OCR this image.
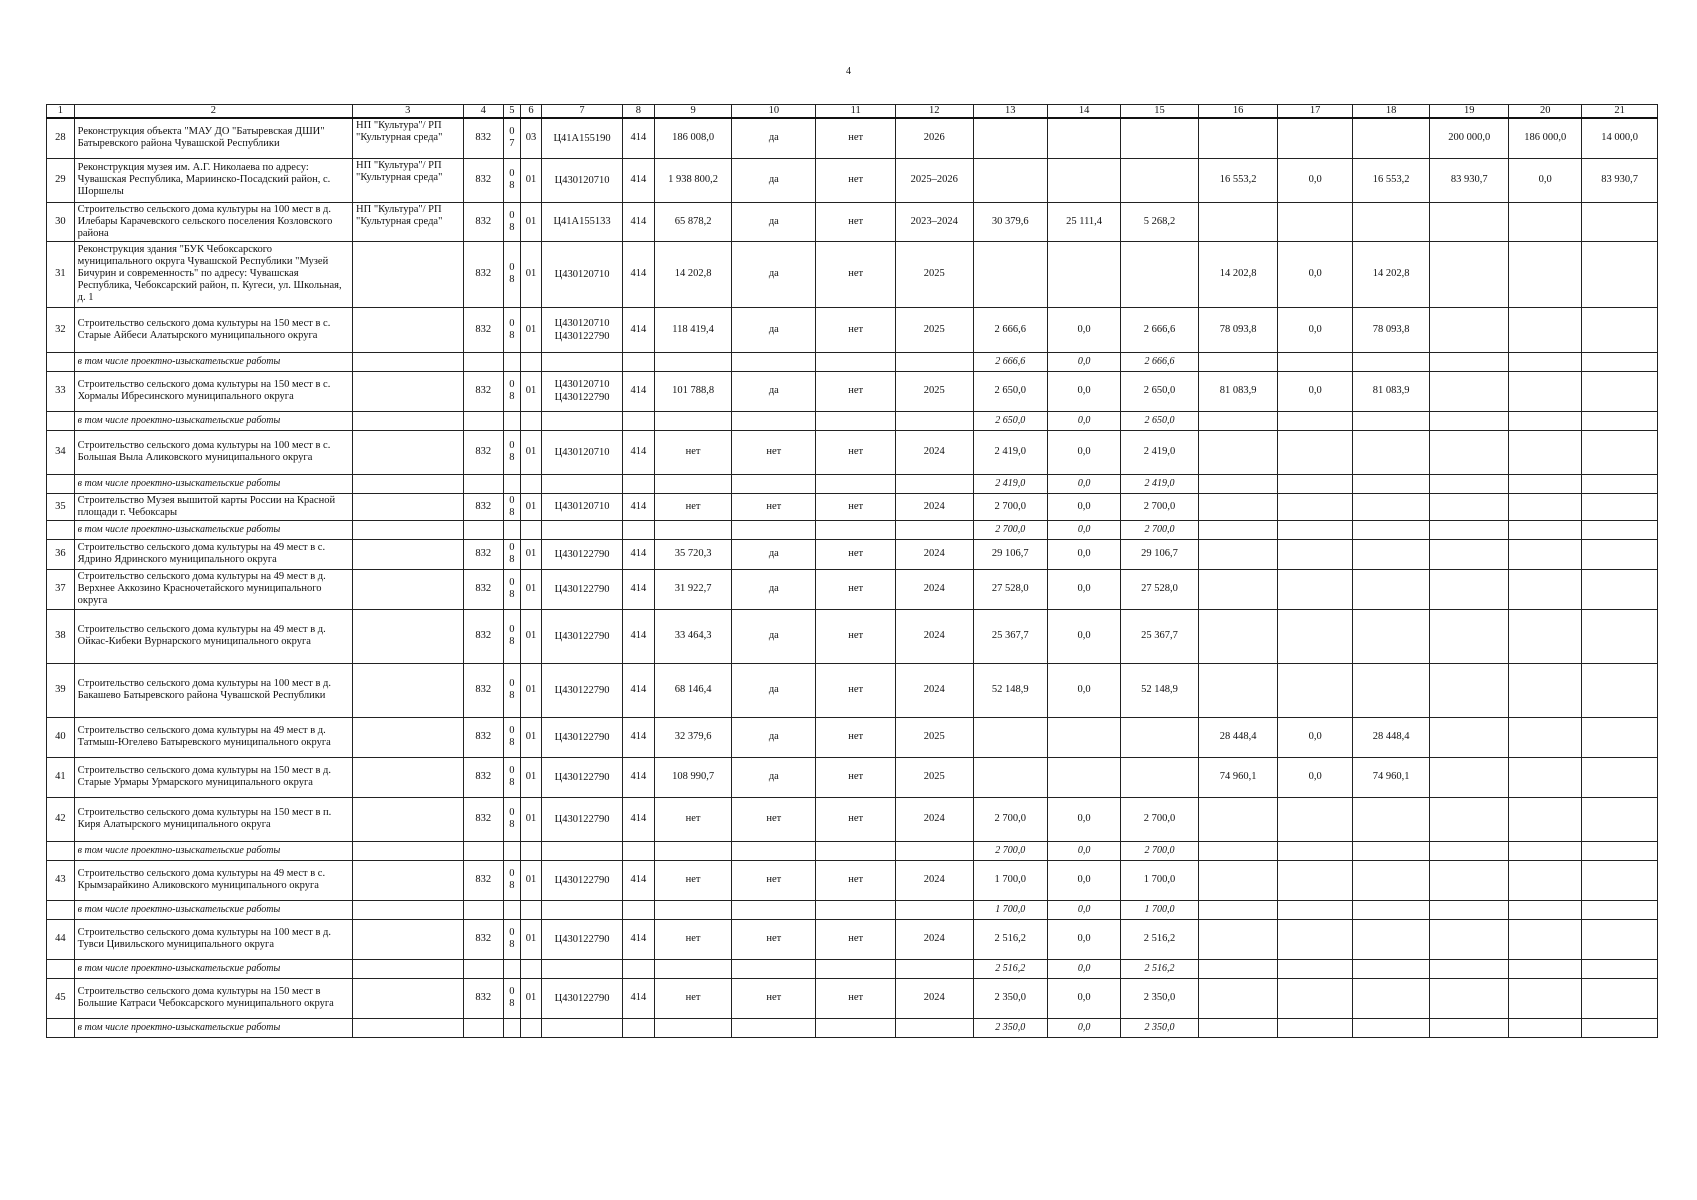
4
1	2	3	4	5	6	7	8	9	10	11	12	13	14	15	16	17	18	19	20	21
28	Реконструкция объекта "МАУ ДО "Батыревская ДШИ" Батыревского района Чувашской Республики	НП "Культура"/ РП "Культурная среда"	832	07	03	Ц41А155190	414	186 008,0	да	нет	2026							200 000,0	186 000,0	14 000,0
29	Реконструкция музея им. А.Г. Николаева по адресу: Чувашская Республика, Мариинско-Посадский район, с. Шоршелы	НП "Культура"/ РП "Культурная среда"	832	08	01	Ц430120710	414	1 938 800,2	да	нет	2025–2026				16 553,2	0,0	16 553,2	83 930,7	0,0	83 930,7
30	Строительство сельского дома культуры на 100 мест в д. Илебары Карачевского сельского поселения Козловского района	НП "Культура"/ РП "Культурная среда"	832	08	01	Ц41А155133	414	65 878,2	да	нет	2023–2024	30 379,6	25 111,4	5 268,2						
31	Реконструкция здания "БУК Чебоксарского муниципального округа Чувашской Республики "Музей Бичурин и современность" по адресу: Чувашская Республика, Чебоксарский район, п. Кугеси, ул. Школьная, д. 1		832	08	01	Ц430120710	414	14 202,8	да	нет	2025				14 202,8	0,0	14 202,8			
32	Строительство сельского дома культуры на 150 мест в с. Старые Айбеси Алатырского муниципального округа		832	08	01	Ц430120710 Ц430122790	414	118 419,4	да	нет	2025	2 666,6	0,0	2 666,6	78 093,8	0,0	78 093,8			
	в том числе проектно-изыскательские работы											2 666,6	0,0	2 666,6						
33	Строительство сельского дома культуры на 150 мест в с. Хормалы Ибресинского муниципального округа		832	08	01	Ц430120710 Ц430122790	414	101 788,8	да	нет	2025	2 650,0	0,0	2 650,0	81 083,9	0,0	81 083,9			
	в том числе проектно-изыскательские работы											2 650,0	0,0	2 650,0						
34	Строительство сельского дома культуры на 100 мест в с. Большая Выла Аликовского муниципального округа		832	08	01	Ц430120710	414	нет	нет	нет	2024	2 419,0	0,0	2 419,0						
	в том числе проектно-изыскательские работы											2 419,0	0,0	2 419,0						
35	Строительство Музея вышитой карты России на Красной площади г. Чебоксары		832	08	01	Ц430120710	414	нет	нет	нет	2024	2 700,0	0,0	2 700,0						
	в том числе проектно-изыскательские работы											2 700,0	0,0	2 700,0						
36	Строительство сельского дома культуры на 49 мест в с. Ядрино Ядринского муниципального округа		832	08	01	Ц430122790	414	35 720,3	да	нет	2024	29 106,7	0,0	29 106,7						
37	Строительство сельского дома культуры на 49 мест в д. Верхнее Аккозино Красночетайского муниципального округа		832	08	01	Ц430122790	414	31 922,7	да	нет	2024	27 528,0	0,0	27 528,0						
38	Строительство сельского дома культуры на 49 мест в д. Ойкас-Кибеки Вурнарского муниципального округа		832	08	01	Ц430122790	414	33 464,3	да	нет	2024	25 367,7	0,0	25 367,7						
39	Строительство сельского дома культуры на 100 мест в д. Бакашево Батыревского района Чувашской Республики		832	08	01	Ц430122790	414	68 146,4	да	нет	2024	52 148,9	0,0	52 148,9						
40	Строительство сельского дома культуры на 49 мест в д. Татмыш-Югелево Батыревского муниципального округа		832	08	01	Ц430122790	414	32 379,6	да	нет	2025				28 448,4	0,0	28 448,4			
41	Строительство сельского дома культуры на 150 мест в д. Старые Урмары Урмарского муниципального округа		832	08	01	Ц430122790	414	108 990,7	да	нет	2025				74 960,1	0,0	74 960,1			
42	Строительство сельского дома культуры на 150 мест в п. Киря Алатырского муниципального округа		832	08	01	Ц430122790	414	нет	нет	нет	2024	2 700,0	0,0	2 700,0						
	в том числе проектно-изыскательские работы											2 700,0	0,0	2 700,0						
43	Строительство сельского дома культуры на 49 мест в с. Крымзарайкино Аликовского муниципального округа		832	08	01	Ц430122790	414	нет	нет	нет	2024	1 700,0	0,0	1 700,0						
	в том числе проектно-изыскательские работы											1 700,0	0,0	1 700,0						
44	Строительство сельского дома культуры на 100 мест в д. Тувси Цивильского муниципального округа		832	08	01	Ц430122790	414	нет	нет	нет	2024	2 516,2	0,0	2 516,2						
	в том числе проектно-изыскательские работы											2 516,2	0,0	2 516,2						
45	Строительство сельского дома культуры на 150 мест в Большие Катраси Чебоксарского муниципального округа		832	08	01	Ц430122790	414	нет	нет	нет	2024	2 350,0	0,0	2 350,0						
	в том числе проектно-изыскательские работы											2 350,0	0,0	2 350,0						
